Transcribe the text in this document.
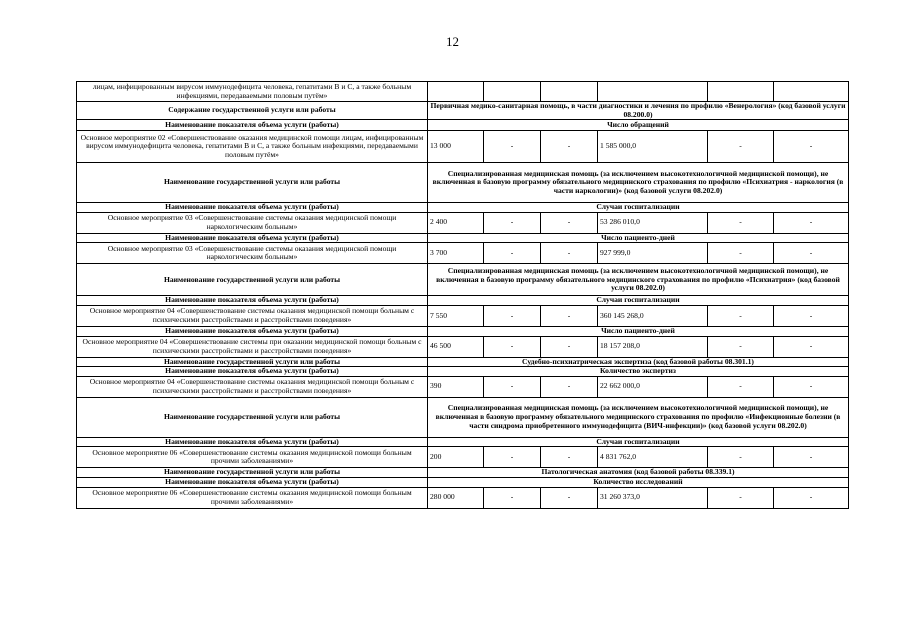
12
лицам, инфицированным вирусом иммунодефицита человека, гепатитами В и С, а также больным инфекциями, передаваемыми половым путём»						
Содержание государственной услуги или работы	Первичная медико-санитарная помощь, в части диагностики и лечения по профилю «Венерология» (код базовой услуги 08.200.0)					
Наименование показателя объема услуги (работы)	Число обращений					
Основное мероприятие 02 «Совершенствование оказания медицинской помощи лицам, инфицированным вирусом иммунодефицита человека, гепатитами В и С, а также больным инфекциями, передаваемыми половым путём»	13 000	-	-	1 585 000,0	-	-
Наименование государственной услуги или работы	Специализированная медицинская помощь (за исключением высокотехнологичной медицинской помощи), не включенная в базовую программу обязательного медицинского страхования по профилю «Психиатрия - наркология (в части наркологии)» (код базовой услуги 08.202.0)					
Наименование показателя объема услуги (работы)	Случаи госпитализации					
Основное мероприятие 03 «Совершенствование системы оказания медицинской помощи наркологическим больным»	2 400	-	-	53 286 010,0	-	-
Наименование показателя объема услуги (работы)	Число пациенто-дней					
Основное мероприятие 03 «Совершенствование системы оказания медицинской помощи наркологическим больным»	3 700	-	-	927 999,0	-	-
Наименование государственной услуги или работы	Специализированная медицинская помощь (за исключением высокотехнологичной медицинской помощи), не включенная в базовую программу обязательного медицинского страхования по профилю «Психиатрия» (код базовой услуги 08.202.0)					
Наименование показателя объема услуги (работы)	Случаи госпитализации					
Основное мероприятие 04 «Совершенствование системы оказания медицинской помощи больным с психическими расстройствами и расстройствами поведения»	7 550	-	-	360 145 268,0	-	-
Наименование показателя объема услуги (работы)	Число пациенто-дней					
Основное мероприятие 04 «Совершенствование системы при оказании медицинской помощи больным с психическими расстройствами и расстройствами поведения»	46 500	-	-	18 157 208,0	-	-
Наименование государственной услуги или работы	Судебно-психиатрическая экспертиза (код базовой работы 08.301.1)					
Наименование показателя объема услуги (работы)	Количество экспертиз					
Основное мероприятие 04 «Совершенствование системы оказания медицинской помощи больным с психическими расстройствами и расстройствами поведения»	390	-	-	22 662 000,0	-	-
Наименование государственной услуги или работы	Специализированная медицинская помощь (за исключением высокотехнологичной медицинской помощи), не включенная в базовую программу обязательного медицинского страхования по профилю «Инфекционные болезни (в части синдрома приобретенного иммунодефицита (ВИЧ-инфекции)» (код базовой услуги 08.202.0)					
Наименование показателя объема услуги (работы)	Случаи госпитализации					
Основное мероприятие 06 «Совершенствование системы оказания медицинской помощи больным прочими заболеваниями»	200	-	-	4 831 762,0	-	-
Наименование государственной услуги или работы	Патологическая анатомия (код базовой работы 08.339.1)					
Наименование показателя объема услуги (работы)	Количество исследований					
Основное мероприятие 06 «Совершенствование системы оказания медицинской помощи больным прочими заболеваниями»	280 000	-	-	31 260 373,0	-	-
